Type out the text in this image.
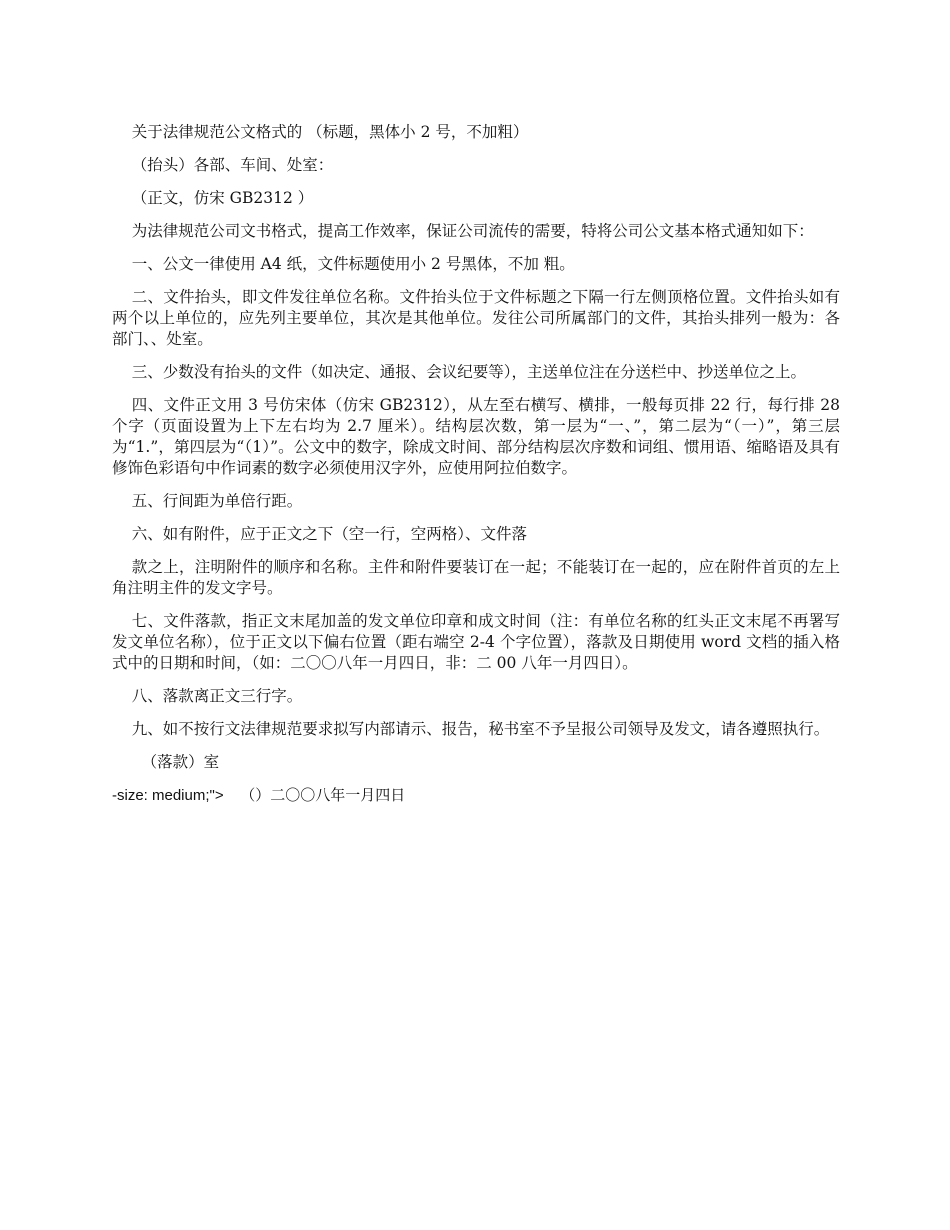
关于法律规范公文格式的 （标题，黑体小 2 号，不加粗）

（抬头）各部、车间、处室：

（正文，仿宋 GB2312 ）

为法律规范公司文书格式，提高工作效率，保证公司流传的需要，特将公司公文基本格式通知如下：

一、公文一律使用 A4 纸，文件标题使用小 2 号黑体，不加 粗。

二、文件抬头，即文件发往单位名称。文件抬头位于文件标题之下隔一行左侧顶格位置。文件抬头如有两个以上单位的，应先列主要单位，其次是其他单位。发往公司所属部门的文件，其抬头排列一般为：各部门、、处室。

三、少数没有抬头的文件（如决定、通报、会议纪要等），主送单位注在分送栏中、抄送单位之上。

四、文件正文用 3 号仿宋体（仿宋 GB2312），从左至右横写、横排，一般每页排 22 行，每行排 28 个字（页面设置为上下左右均为 2.7 厘米）。结构层次数，第一层为“一、”，第二层为“（一）”，第三层为“1.”，第四层为“（1）”。公文中的数字，除成文时间、部分结构层次序数和词组、惯用语、缩略语及具有修饰色彩语句中作词素的数字必须使用汉字外，应使用阿拉伯数字。

五、行间距为单倍行距。

六、如有附件，应于正文之下（空一行，空两格）、文件落

款之上，注明附件的顺序和名称。主件和附件要装订在一起；不能装订在一起的，应在附件首页的左上角注明主件的发文字号。

七、文件落款，指正文末尾加盖的发文单位印章和成文时间（注：有单位名称的红头正文末尾不再署写发文单位名称），位于正文以下偏右位置（距右端空 2-4 个字位置），落款及日期使用 word 文档的插入格式中的日期和时间，（如：二〇〇八年一月四日，非：二 00 八年一月四日）。

八、落款离正文三行字。

九、如不按行文法律规范要求拟写内部请示、报告，秘书室不予呈报公司领导及发文，请各遵照执行。

（落款）室

-size: medium;">    （）二〇〇八年一月四日
